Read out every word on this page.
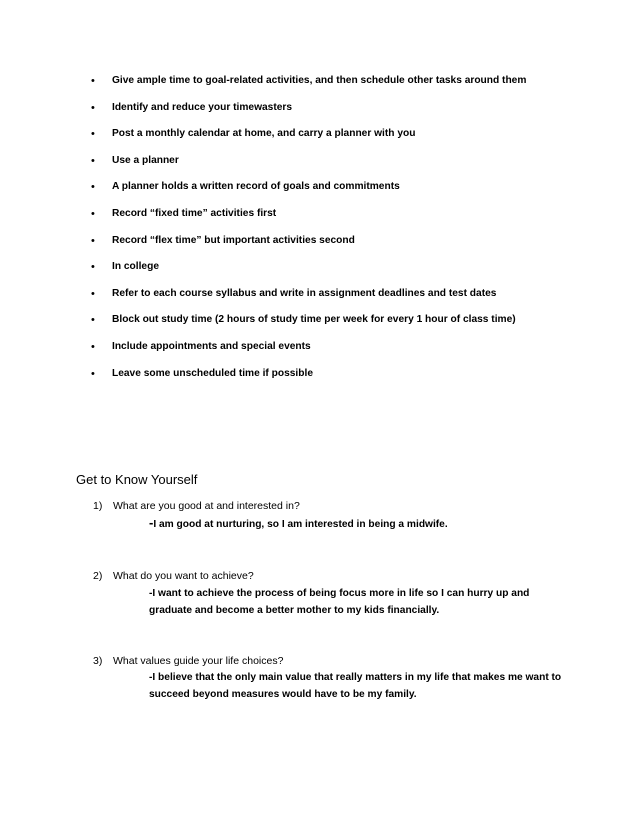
• Give ample time to goal-related activities, and then schedule other tasks around them
• Identify and reduce your timewasters
• Post a monthly calendar at home, and carry a planner with you
• Use a planner
• A planner holds a written record of goals and commitments
• Record “fixed time” activities first
• Record “flex time” but important activities second
• In college
• Refer to each course syllabus and write in assignment deadlines and test dates
• Block out study time (2 hours of study time per week for every 1 hour of class time)
• Include appointments and special events
• Leave some unscheduled time if possible
Get to Know Yourself
1) What are you good at and interested in?
-I am good at nurturing, so I am interested in being a midwife.
2) What do you want to achieve?
-I want to achieve the process of being focus more in life so I can hurry up and graduate and become a better mother to my kids financially.
3) What values guide your life choices?
-I believe that the only main value that really matters in my life that makes me want to succeed beyond measures would have to be my family.
